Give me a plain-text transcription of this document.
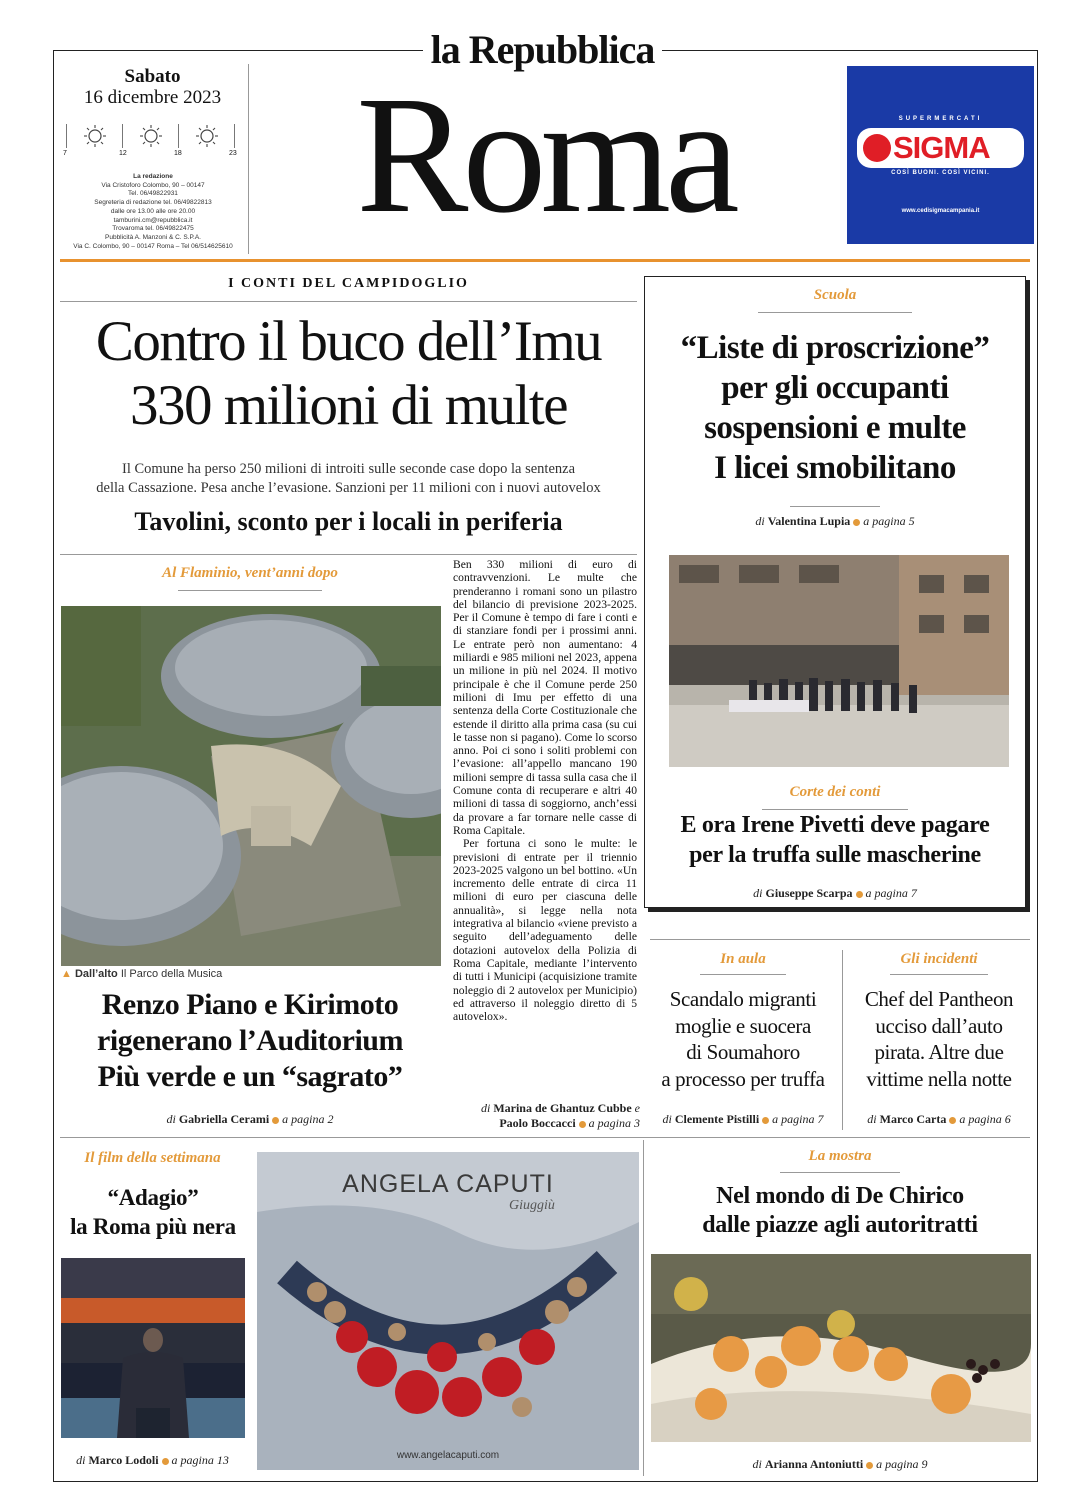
la Repubblica
Roma
Sabato
16 dicembre 2023
7	12	18	23
La redazione
Via Cristoforo Colombo, 90 – 00147
Tel. 06/49822931
Segreteria di redazione tel. 06/49822813
dalle ore 13.00 alle ore 20.00
tamburini.cm@repubblica.it
Trovaroma tel. 06/49822475
Pubblicità A. Manzoni & C. S.P.A.
Via C. Colombo, 90 – 00147 Roma – Tel 06/514625610
SUPERMERCATI
SIGMA
COSÌ BUONI. COSÌ VICINI.
www.cedisigmacampania.it
I CONTI DEL CAMPIDOGLIO
Contro il buco dell’Imu
330 milioni di multe
Il Comune ha perso 250 milioni di introiti sulle seconde case dopo la sentenza
della Cassazione. Pesa anche l’evasione. Sanzioni per 11 milioni con i nuovi autovelox
Tavolini, sconto per i locali in periferia

Ben 330 milioni di euro di contravvenzioni. Le multe che prenderanno i romani sono un pilastro del bilancio di previsione 2023-2025. Per il Comune è tempo di fare i conti e di stanziare fondi per i prossimi anni. Le entrate però non aumentano: 4 miliardi e 985 milioni nel 2023, appena un milione in più nel 2024. Il motivo principale è che il Comune perde 250 milioni di Imu per effetto di una sentenza della Corte Costituzionale che estende il diritto alla prima casa (su cui le tasse non si pagano). Come lo scorso anno. Poi ci sono i soliti problemi con l’evasione: all’appello mancano 190 milioni sempre di tassa sulla casa che il Comune conta di recuperare e altri 40 milioni di tassa di soggiorno, anch’essi da provare a far tornare nelle casse di Roma Capitale.

Per fortuna ci sono le multe: le previsioni di entrate per il triennio 2023-2025 valgono un bel bottino. «Un incremento delle entrate di circa 11 milioni di euro per ciascuna delle annualità», si legge nella nota integrativa al bilancio «viene previsto a seguito dell’adeguamento delle dotazioni autovelox della Polizia di Roma Capitale, mediante l’intervento di tutti i Municipi (acquisizione tramite noleggio di 2 autovelox per Municipio) ed attraverso il noleggio diretto di 5 autovelox».

di Marina de Ghantuz Cubbe e
Paolo Boccacci a pagina 3
Al Flaminio, vent’anni dopo
▲ Dall’alto Il Parco della Musica
Renzo Piano e Kirimoto
rigenerano l’Auditorium
Più verde e un “sagrato”
di Gabriella Cerami a pagina 2
Scuola
“Liste di proscrizione”
per gli occupanti
sospensioni e multe
I licei smobilitano
di Valentina Lupia a pagina 5
Corte dei conti
E ora Irene Pivetti deve pagare
per la truffa sulle mascherine
di Giuseppe Scarpa a pagina 7
In aula
Scandalo migranti
moglie e suocera
di Soumahoro
a processo per truffa
di Clemente Pistilli a pagina 7
Gli incidenti
Chef del Pantheon
ucciso dall’auto
pirata. Altre due
vittime nella notte
di Marco Carta a pagina 6
Il film della settimana
“Adagio”
la Roma più nera
di Marco Lodoli a pagina 13
ANGELA CAPUTI
Giuggiù
www.angelacaputi.com
La mostra
Nel mondo di De Chirico
dalle piazze agli autoritratti
di Arianna Antoniutti a pagina 9
